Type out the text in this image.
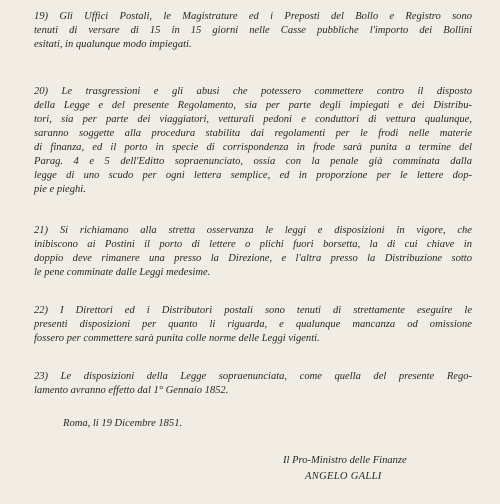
19) Gli Uffici Postali, le Magistrature ed i Preposti del Bollo e Registro sono
tenuti di versare di 15 in 15 giorni nelle Casse pubbliche l'importo dei Bollini
esitati, in qualunque modo impiegati.
20) Le trasgressioni e gli abusi che potessero commettere contro il disposto
della Legge e del presente Regolamento, sia per parte degli impiegati e dei Distribu-
tori, sia per parte dei viaggiatori, vetturali pedoni e conduttori di vettura qualunque,
saranno soggette alla procedura stabilita dai regolamenti per le frodi nelle materie
di finanza, ed il porto in specie di corrispondenza in frode sarà punita a termine del
Parag. 4 e 5 dell'Editto sopraenunciato, ossia con la penale già comminata dalla
legge di uno scudo per ogni lettera semplice, ed in proporzione per le lettere dop-
pie e pieghi.
21) Si richiamano alla stretta osservanza le leggi e disposizioni in vigore, che
inibiscono ai Postini il porto di lettere o plichi fuori borsetta, la di cui chiave in
doppio deve rimanere una presso la Direzione, e l'altra presso la Distribuzione sotto
le pene comminate dalle Leggi medesime.
22) I Direttori ed i Distributori postali sono tenuti di strettamente eseguire le
presenti disposizioni per quanto li riguarda, e qualunque mancanza od omissione
fossero per commettere sarà punita colle norme delle Leggi vigenti.
23) Le disposizioni della Legge sopraenunciata, come quella del presente Rego-
lamento avranno effetto dal 1° Gennaio 1852.

Roma, li 19 Dicembre 1851.

Il Pro-Ministro delle Finanze

ANGELO GALLI
